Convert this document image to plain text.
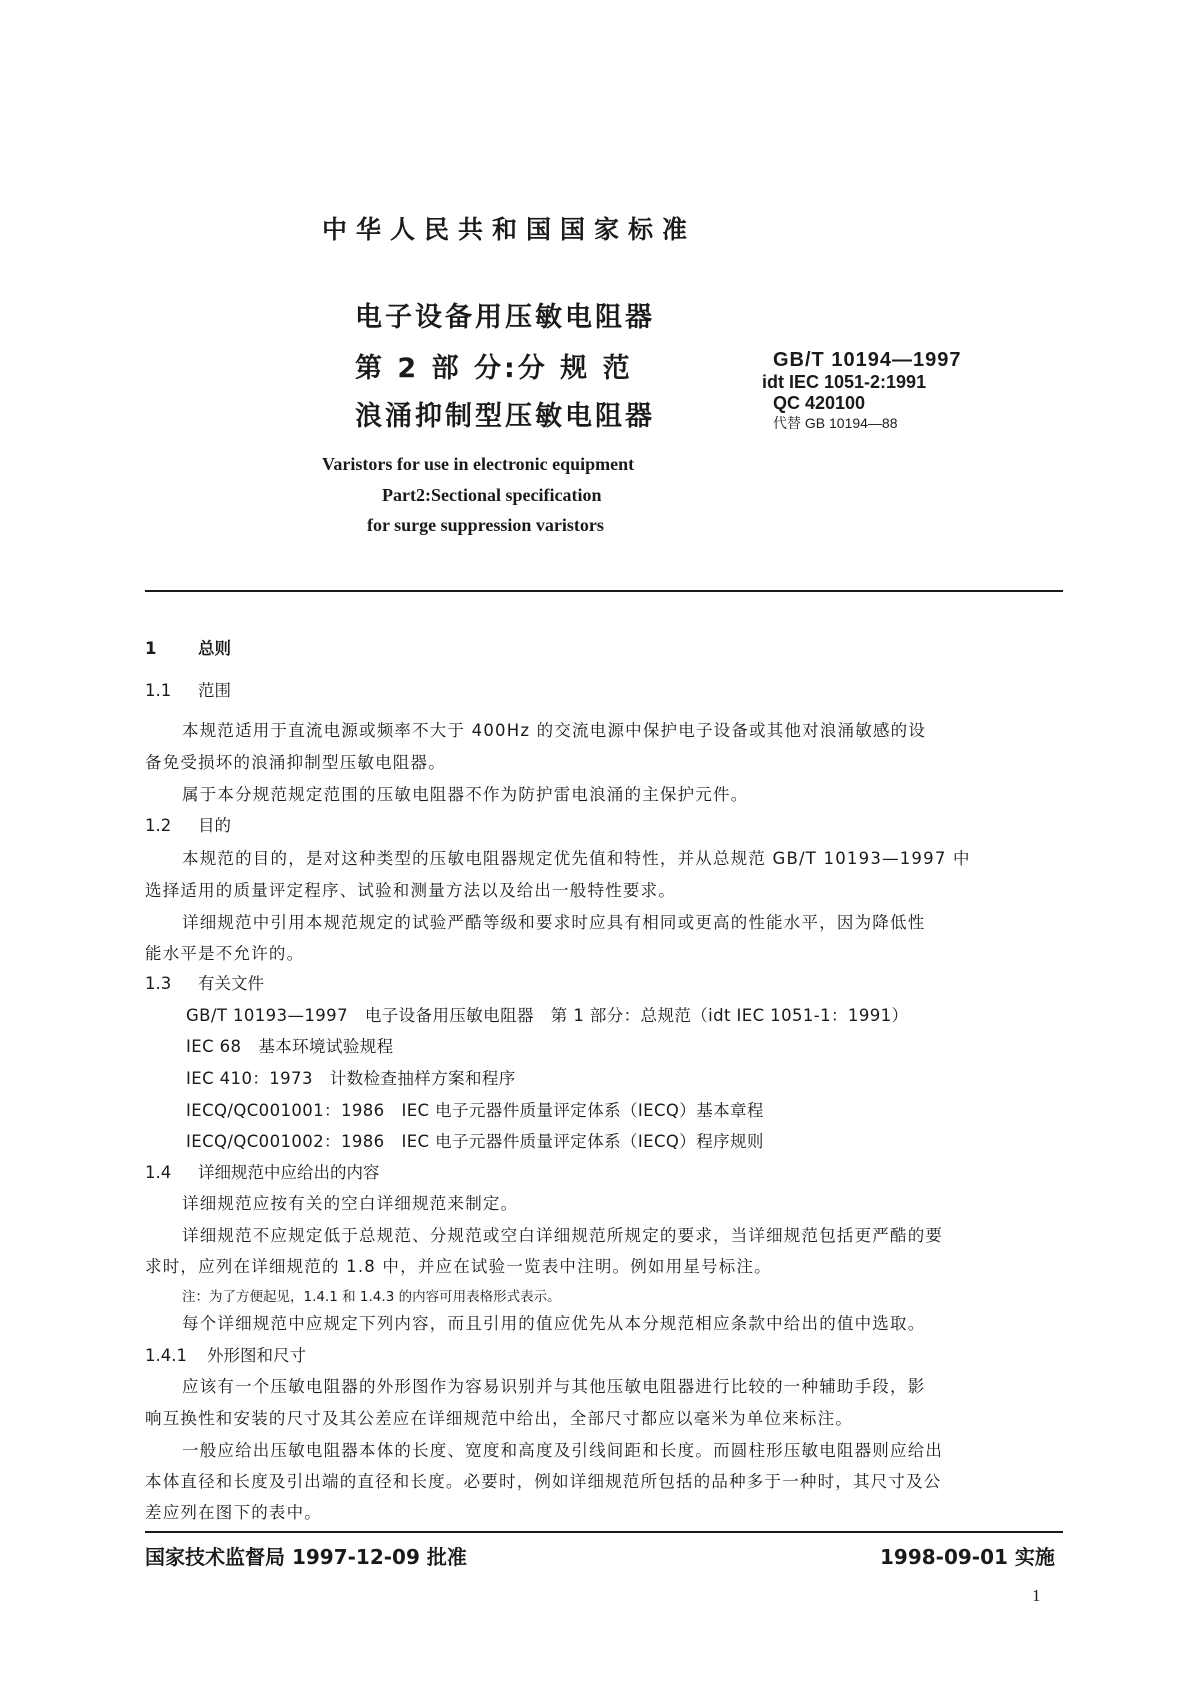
中华人民共和国国家标准

电子设备用压敏电阻器

第 2 部 分:分 规 范

浪涌抑制型压敏电阻器

GB/T 10194—1997

idt IEC 1051-2:1991

QC 420100

代替 GB 10194—88

Varistors for use in electronic equipment

Part2:Sectional specification

for surge suppression varistors

1	总则

1.1 范围

本规范适用于直流电源或频率不大于 400Hz 的交流电源中保护电子设备或其他对浪涌敏感的设

备免受损坏的浪涌抑制型压敏电阻器。

属于本分规范规定范围的压敏电阻器不作为防护雷电浪涌的主保护元件。

1.2 目的

本规范的目的，是对这种类型的压敏电阻器规定优先值和特性，并从总规范 GB/T 10193—1997 中

选择适用的质量评定程序、试验和测量方法以及给出一般特性要求。

详细规范中引用本规范规定的试验严酷等级和要求时应具有相同或更高的性能水平，因为降低性

能水平是不允许的。

1.3 有关文件

GB/T 10193—1997　电子设备用压敏电阻器　第 1 部分：总规范（idt IEC 1051-1：1991）

IEC 68　基本环境试验规程

IEC 410：1973　计数检查抽样方案和程序

IECQ/QC001001：1986　IEC 电子元器件质量评定体系（IECQ）基本章程

IECQ/QC001002：1986　IEC 电子元器件质量评定体系（IECQ）程序规则

1.4 详细规范中应给出的内容

详细规范应按有关的空白详细规范来制定。

详细规范不应规定低于总规范、分规范或空白详细规范所规定的要求，当详细规范包括更严酷的要

求时，应列在详细规范的 1.8 中，并应在试验一览表中注明。例如用星号标注。

注：为了方便起见，1.4.1 和 1.4.3 的内容可用表格形式表示。

每个详细规范中应规定下列内容，而且引用的值应优先从本分规范相应条款中给出的值中选取。

1.4.1 外形图和尺寸

应该有一个压敏电阻器的外形图作为容易识别并与其他压敏电阻器进行比较的一种辅助手段，影

响互换性和安装的尺寸及其公差应在详细规范中给出，全部尺寸都应以毫米为单位来标注。

一般应给出压敏电阻器本体的长度、宽度和高度及引线间距和长度。而圆柱形压敏电阻器则应给出

本体直径和长度及引出端的直径和长度。必要时，例如详细规范所包括的品种多于一种时，其尺寸及公

差应列在图下的表中。

国家技术监督局 1997-12-09 批准	1998-09-01 实施

1
